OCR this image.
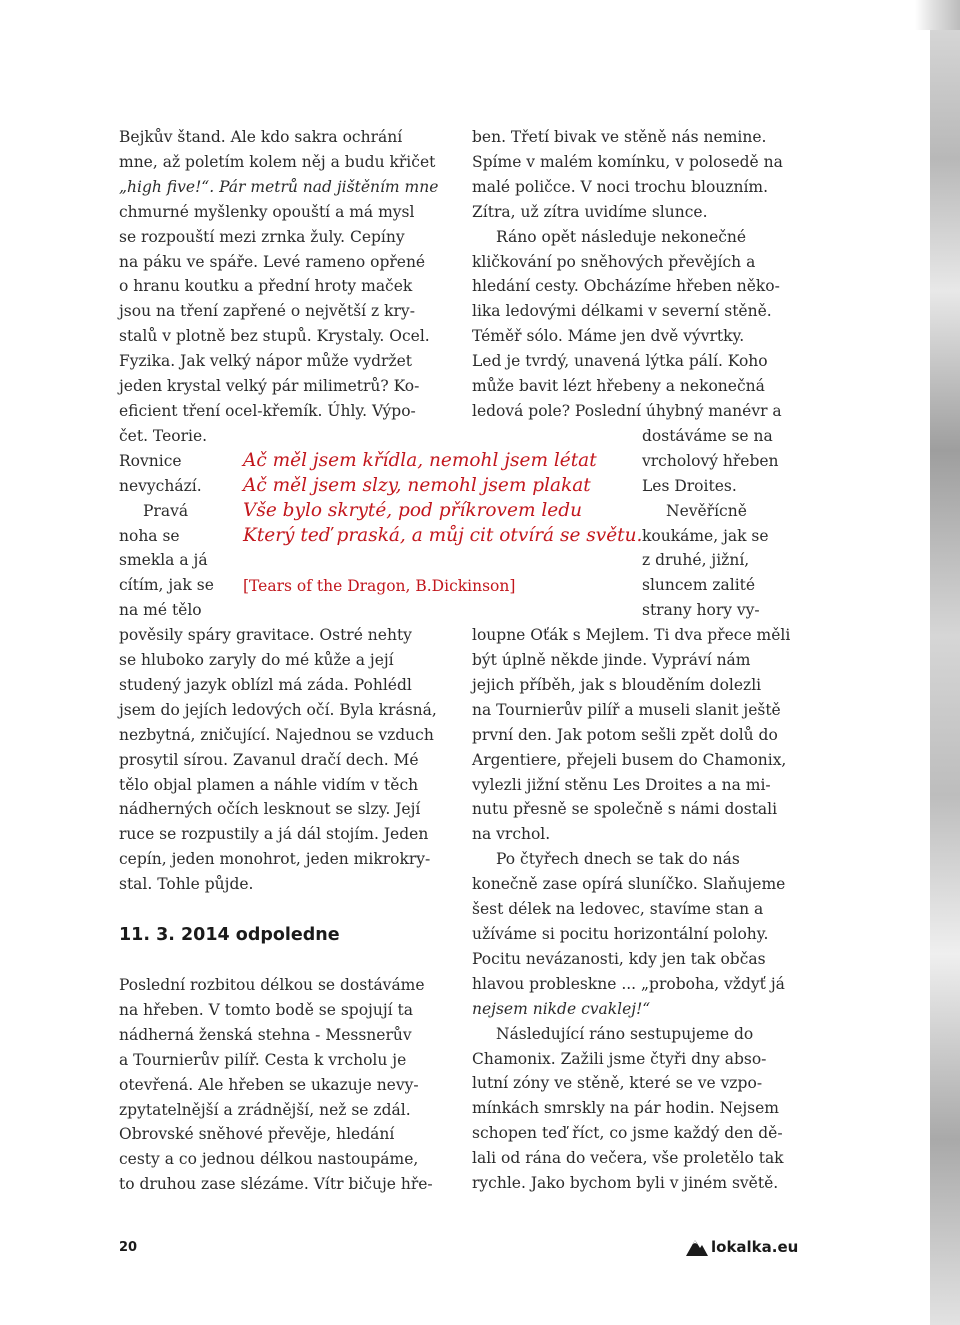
Bejkův štand. Ale kdo sakra ochrání
mne, až poletím kolem něj a budu křičet
„high five!“. Pár metrů nad jištěním mne
chmurné myšlenky opouští a má mysl
se rozpouští mezi zrnka žuly. Cepíny
na páku ve spáře. Levé rameno opřené
o hranu koutku a přední hroty maček
jsou na tření zapřené o největší z kry-
stalů v plotně bez stupů. Krystaly. Ocel.
Fyzika. Jak velký nápor může vydržet
jeden krystal velký pár milimetrů? Ko-
eficient tření ocel-křemík. Úhly. Výpo-
čet. Teorie.
Rovnice
nevychází.
Pravá
noha se
smekla a já
cítím, jak se
na mé tělo
pověsily spáry gravitace. Ostré nehty
se hluboko zaryly do mé kůže a její
studený jazyk oblízl má záda. Pohlédl
jsem do jejích ledových očí. Byla krásná,
nezbytná, zničující. Najednou se vzduch
prosytil sírou. Zavanul dračí dech. Mé
tělo objal plamen a náhle vidím v těch
nádherných očích lesknout se slzy. Její
ruce se rozpustily a já dál stojím. Jeden
cepín, jeden monohrot, jeden mikrokry-
stal. Tohle půjde.
Ač měl jsem křídla, nemohl jsem létat
Ač měl jsem slzy, nemohl jsem plakat
Vše bylo skryté, pod příkrovem ledu
Který teď praská, a můj cit otvírá se světu.
[Tears of the Dragon, B.Dickinson]
11. 3. 2014 odpoledne
Poslední rozbitou délkou se dostáváme
na hřeben. V tomto bodě se spojují ta
nádherná ženská stehna - Messnerův
a Tournierův pilíř. Cesta k vrcholu je
otevřená. Ale hřeben se ukazuje nevy-
zpytatelnější a zrádnější, než se zdál.
Obrovské sněhové převěje, hledání
cesty a co jednou délkou nastoupáme,
to druhou zase slézáme. Vítr bičuje hře-
ben. Třetí bivak ve stěně nás nemine.
Spíme v malém komínku, v polosedě na
malé poličce. V noci trochu blouzním.
Zítra, už zítra uvidíme slunce.
Ráno opět následuje nekonečné
kličkování po sněhových převějích a
hledání cesty. Obcházíme hřeben něko-
lika ledovými délkami v severní stěně.
Téměř sólo. Máme jen dvě vývrtky.
Led je tvrdý, unavená lýtka pálí. Koho
může bavit lézt hřebeny a nekonečná
ledová pole? Poslední úhybný manévr a
dostáváme se na
vrcholový hřeben
Les Droites.
Nevěřícně
koukáme, jak se
z druhé, jižní,
sluncem zalité
strany hory vy-
loupne Oťák s Mejlem. Ti dva přece měli
být úplně někde jinde. Vypráví nám
jejich příběh, jak s blouděním dolezli
na Tournierův pilíř a museli slanit ještě
první den. Jak potom sešli zpět dolů do
Argentiere, přejeli busem do Chamonix,
vylezli jižní stěnu Les Droites a na mi-
nutu přesně se společně s námi dostali
na vrchol.
Po čtyřech dnech se tak do nás
konečně zase opírá sluníčko. Slaňujeme
šest délek na ledovec, stavíme stan a
užíváme si pocitu horizontální polohy.
Pocitu nevázanosti, kdy jen tak občas
hlavou probleskne ... „proboha, vždyť já
nejsem nikde cvaklej!“
Následující ráno sestupujeme do
Chamonix. Zažili jsme čtyři dny abso-
lutní zóny ve stěně, které se ve vzpo-
mínkách smrskly na pár hodin. Nejsem
schopen teď říct, co jsme každý den dě-
lali od rána do večera, vše proletělo tak
rychle. Jako bychom byli v jiném světě.
20	lokalka.eu
